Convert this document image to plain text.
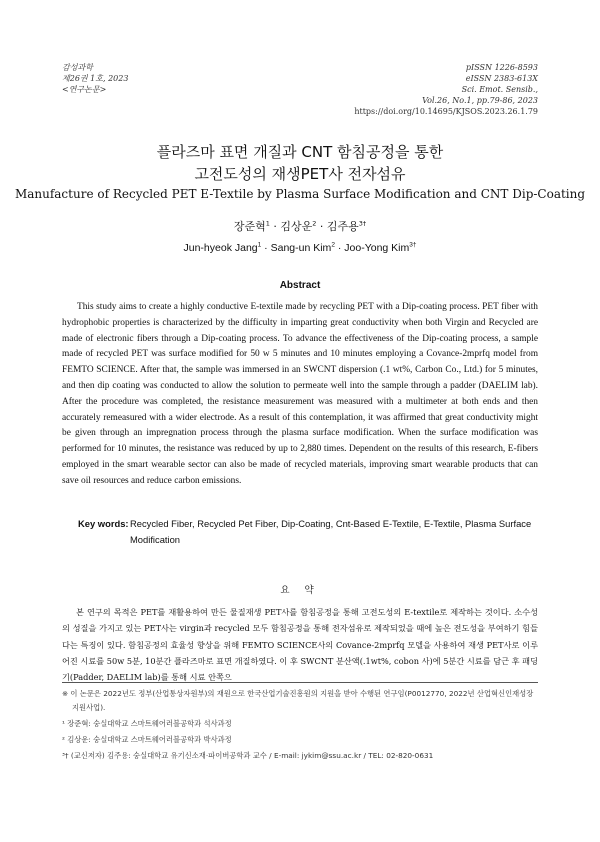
감성과학
제26권 1호, 2023
<연구논문>
pISSN 1226-8593
eISSN 2383-613X
Sci. Emot. Sensib.,
Vol.26, No.1, pp.79-86, 2023
https://doi.org/10.14695/KJSOS.2023.26.1.79
플라즈마 표면 개질과 CNT 함침공정을 통한
고전도성의 재생PET사 전자섬유
Manufacture of Recycled PET E-Textile by Plasma Surface Modification and CNT Dip-Coating
장준혁$^1$ · 김상운$^2$ · 김주용$^{3\dagger}$
Jun-hyeok Jang$^1$ · Sang-un Kim$^2$ · Joo-Yong Kim$^{3\dagger}$
Abstract

This study aims to create a highly conductive E-textile made by recycling PET with a Dip-coating process. PET fiber with hydrophobic properties is characterized by the difficulty in imparting great conductivity when both Virgin and Recycled are made of electronic fibers through a Dip-coating process. To advance the effectiveness of the Dip-coating process, a sample made of recycled PET was surface modified for 50 w 5 minutes and 10 minutes employing a Covance-2mprfq model from FEMTO SCIENCE. After that, the sample was immersed in an SWCNT dispersion (.1 wt%, Carbon Co., Ltd.) for 5 minutes, and then dip coating was conducted to allow the solution to permeate well into the sample through a padder (DAELIM lab). After the procedure was completed, the resistance measurement was measured with a multimeter at both ends and then accurately remeasured with a wider electrode. As a result of this contemplation, it was affirmed that great conductivity might be given through an impregnation process through the plasma surface modification. When the surface modification was performed for 10 minutes, the resistance was reduced by up to 2,880 times. Dependent on the results of this research, E-fibers employed in the smart wearable sector can also be made of recycled materials, improving smart wearable products that can save oil resources and reduce carbon emissions.

Key words: Recycled Fiber, Recycled Pet Fiber, Dip-Coating, Cnt-Based E-Textile, E-Textile, Plasma Surface Modification
요 약

본 연구의 목적은 PET를 재활용하여 만든 물질재생 PET사를 함침공정을 통해 고전도성의 E-textile로 제작하는 것이다. 소수성의 성질을 가지고 있는 PET사는 virgin과 recycled 모두 함침공정을 통해 전자섬유로 제작되었을 때에 높은 전도성을 부여하기 힘들다는 특징이 있다. 함침공정의 효율성 향상을 위해 FEMTO SCIENCE사의 Covance-2mprfq 모델을 사용하여 재생 PET사로 이루어진 시료를 50w 5분, 10분간 플라즈마로 표면 개질하였다. 이 후 SWCNT 분산액(.1wt%, cobon 사)에 5분간 시료를 담근 후 패딩기(Padder, DAELIM lab)를 통해 시료 안쪽으

※ 이 논문은 2022년도 정부(산업통상자원부)의 재원으로 한국산업기술진흥원의 지원을 받아 수행된 연구임(P0012770, 2022년 산업혁신인재성장지원사업).

¹ 장준혁: 숭실대학교 스마트웨어러블공학과 석사과정

² 김상운: 숭실대학교 스마트웨어러블공학과 박사과정

³† (교신저자) 김주용: 숭실대학교 유기신소재·파이버공학과 교수 / E-mail: jykim@ssu.ac.kr / TEL: 02-820-0631
